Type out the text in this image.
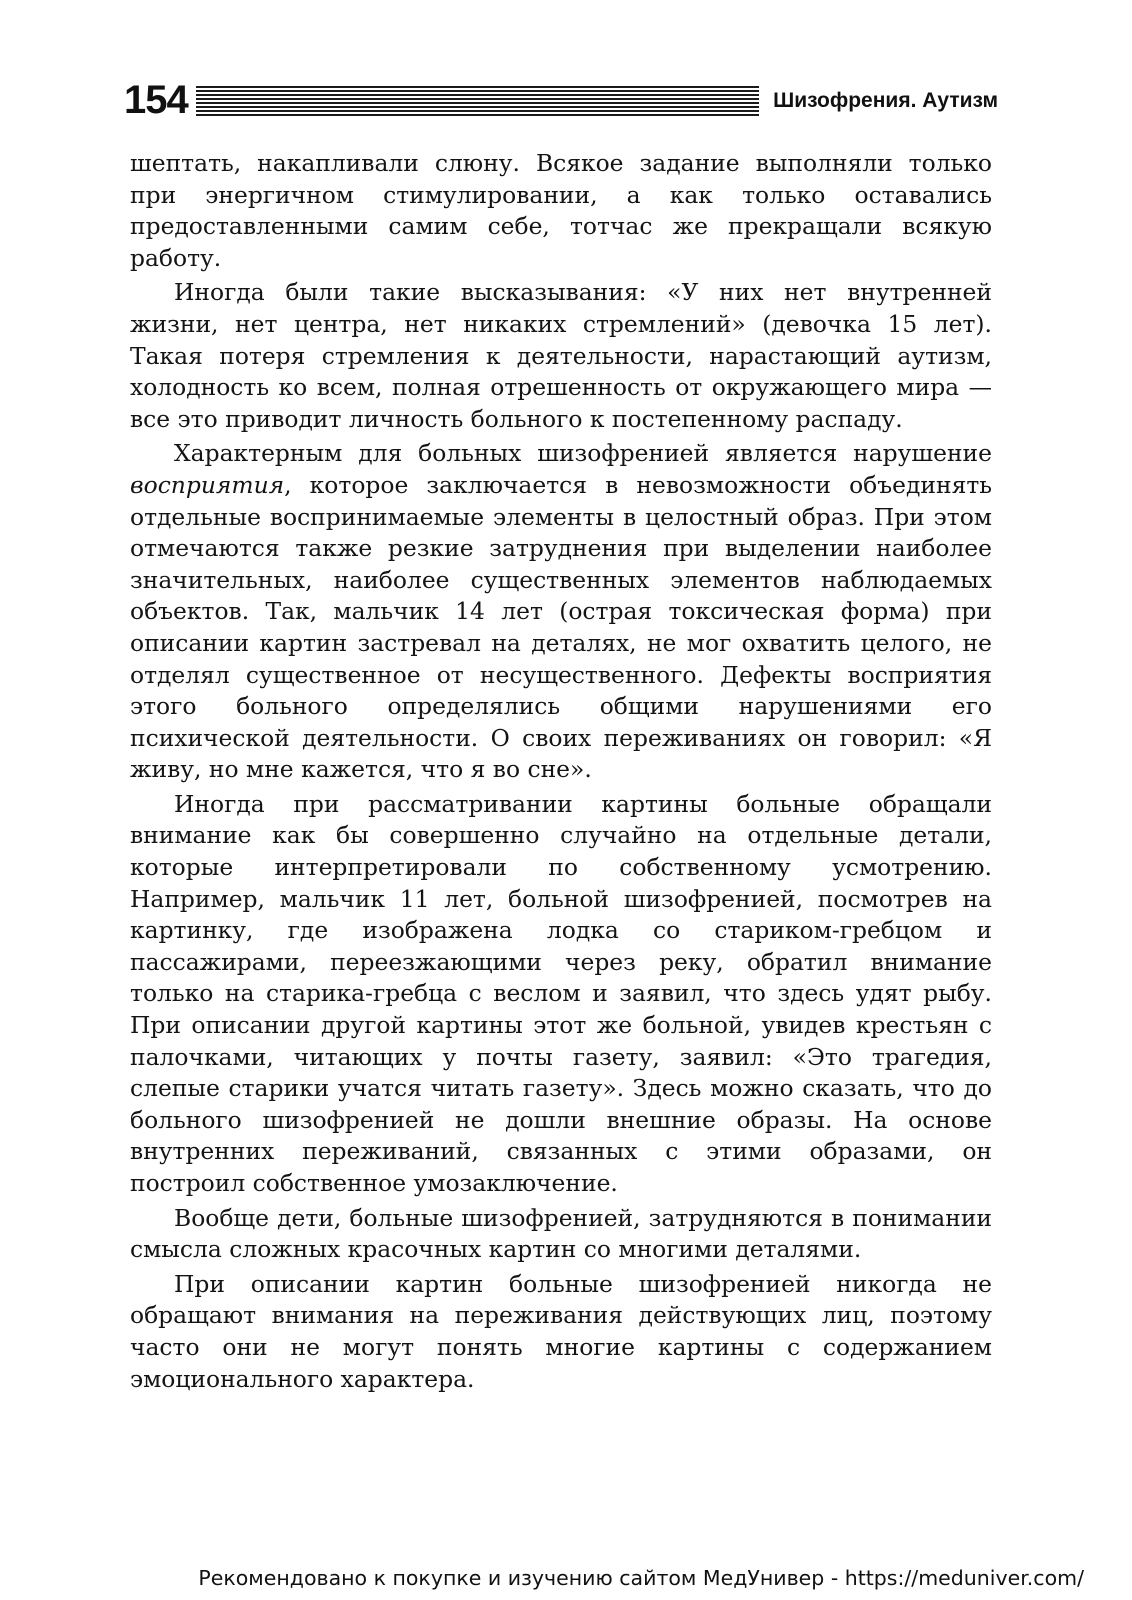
154	Шизофрения. Аутизм

шептать, накапливали слюну. Всякое задание выполняли только при энергичном стимулировании, а как только оставались предоставленными самим себе, тотчас же прекращали всякую работу.

Иногда были такие высказывания: «У них нет внутренней жизни, нет центра, нет никаких стремлений» (девочка 15 лет). Такая потеря стремления к деятельности, нарастающий аутизм, холодность ко всем, полная отрешенность от окружающего мира — все это приводит личность больного к постепенному распаду.

Характерным для больных шизофренией является нарушение восприятия, которое заключается в невозможности объединять отдельные воспринимаемые элементы в целостный образ. При этом отмечаются также резкие затруднения при выделении наиболее значительных, наиболее существенных элементов наблюдаемых объектов. Так, мальчик 14 лет (острая токсическая форма) при описании картин застревал на деталях, не мог охватить целого, не отделял существенное от несущественного. Дефекты восприятия этого больного определялись общими нарушениями его психической деятельности. О своих переживаниях он говорил: «Я живу, но мне кажется, что я во сне».

Иногда при рассматривании картины больные обращали внимание как бы совершенно случайно на отдельные детали, которые интерпретировали по собственному усмотрению. Например, мальчик 11 лет, больной шизофренией, посмотрев на картинку, где изображена лодка со стариком-гребцом и пассажирами, переезжающими через реку, обратил внимание только на старика-гребца с веслом и заявил, что здесь удят рыбу. При описании другой картины этот же больной, увидев крестьян с палочками, читающих у почты газету, заявил: «Это трагедия, слепые старики учатся читать газету». Здесь можно сказать, что до больного шизофренией не дошли внешние образы. На основе внутренних переживаний, связанных с этими образами, он построил собственное умозаключение.

Вообще дети, больные шизофренией, затрудняются в понимании смысла сложных красочных картин со многими деталями.

При описании картин больные шизофренией никогда не обращают внимания на переживания действующих лиц, поэтому часто они не могут понять многие картины с содержанием эмоционального характера.

Рекомендовано к покупке и изучению сайтом МедУнивер - https://meduniver.com/
